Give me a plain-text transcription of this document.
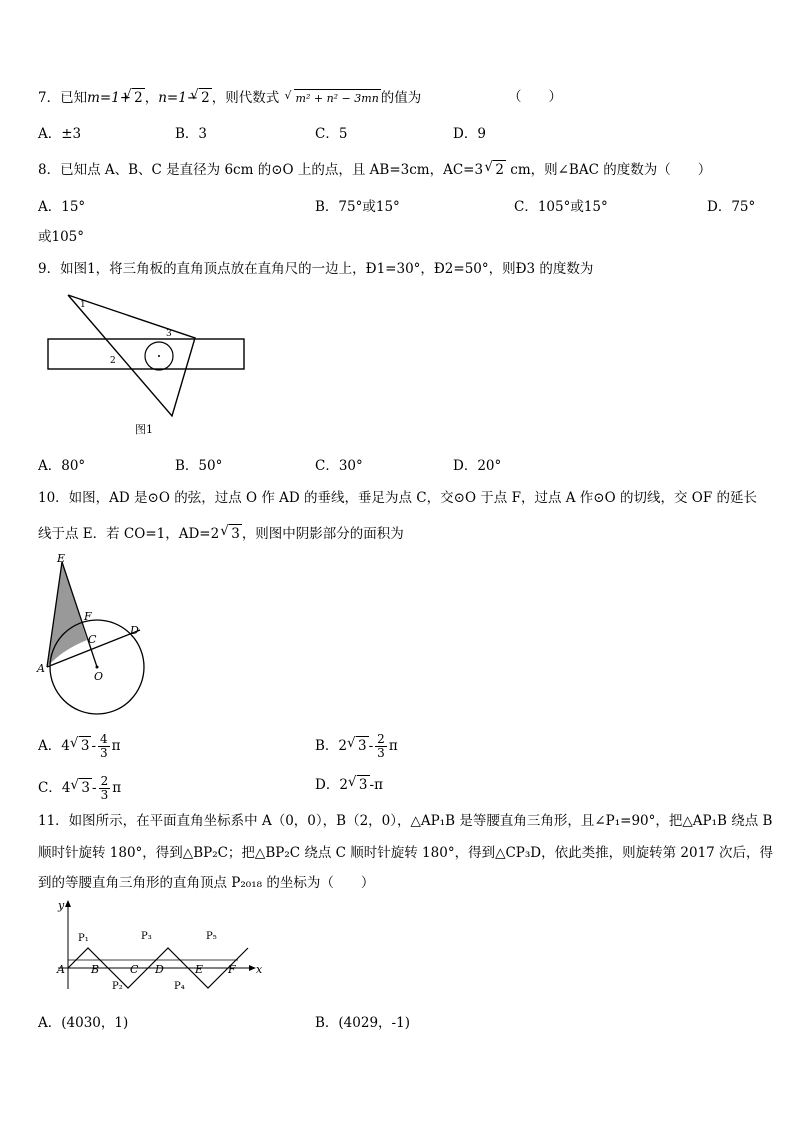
7．已知m=1+ √ 2 ，n=1− √ 2 ，则代数式 √ m² + n² − 3mn 的值为	（　　）
A．±3	B．3	C．5	D．9
8．已知点 A、B、C 是直径为 6cm 的⊙O 上的点，且 AB=3cm，AC=3 √ 2 cm，则∠BAC 的度数为（　　）
A．15°	B．75°或15°	C．105°或15°	D．75°
或105°
9．如图1，将三角板的直角顶点放在直角尺的一边上，Ð1=30°，Ð2=50°，则Ð3 的度数为
1
2
3
图1
A．80°	B．50°	C．30°	D．20°
10．如图，AD 是⊙O 的弦，过点 O 作 AD 的垂线，垂足为点 C，交⊙O 于点 F，过点 A 作⊙O 的切线，交 OF 的延长
线于点 E．若 CO=1，AD=2 √ 3 ，则图中阴影部分的面积为
E
F
C
D
A
O
A．4 √ $3 - \frac{4}{3}$ π	B．2 √ $3 - \frac{2}{3}$ π
C．4 √ $3 - \frac{2}{3}$ π	D．2 √ 3 -π
11．如图所示，在平面直角坐标系中 A（0，0），B（2，0），△AP₁B 是等腰直角三角形，且∠P₁=90°，把△AP₁B 绕点 B
顺时针旋转 180°，得到△BP₂C；把△BP₂C 绕点 C 顺时针旋转 180°，得到△CP₃D，依此类推，则旋转第 2017 次后，得
到的等腰直角三角形的直角顶点 P₂₀₁₈ 的坐标为（　　）
y
x
A B	C D	E F
P₁
P₂
P₃
P₄
P₅
A．(4030，1)	B．(4029，-1)
